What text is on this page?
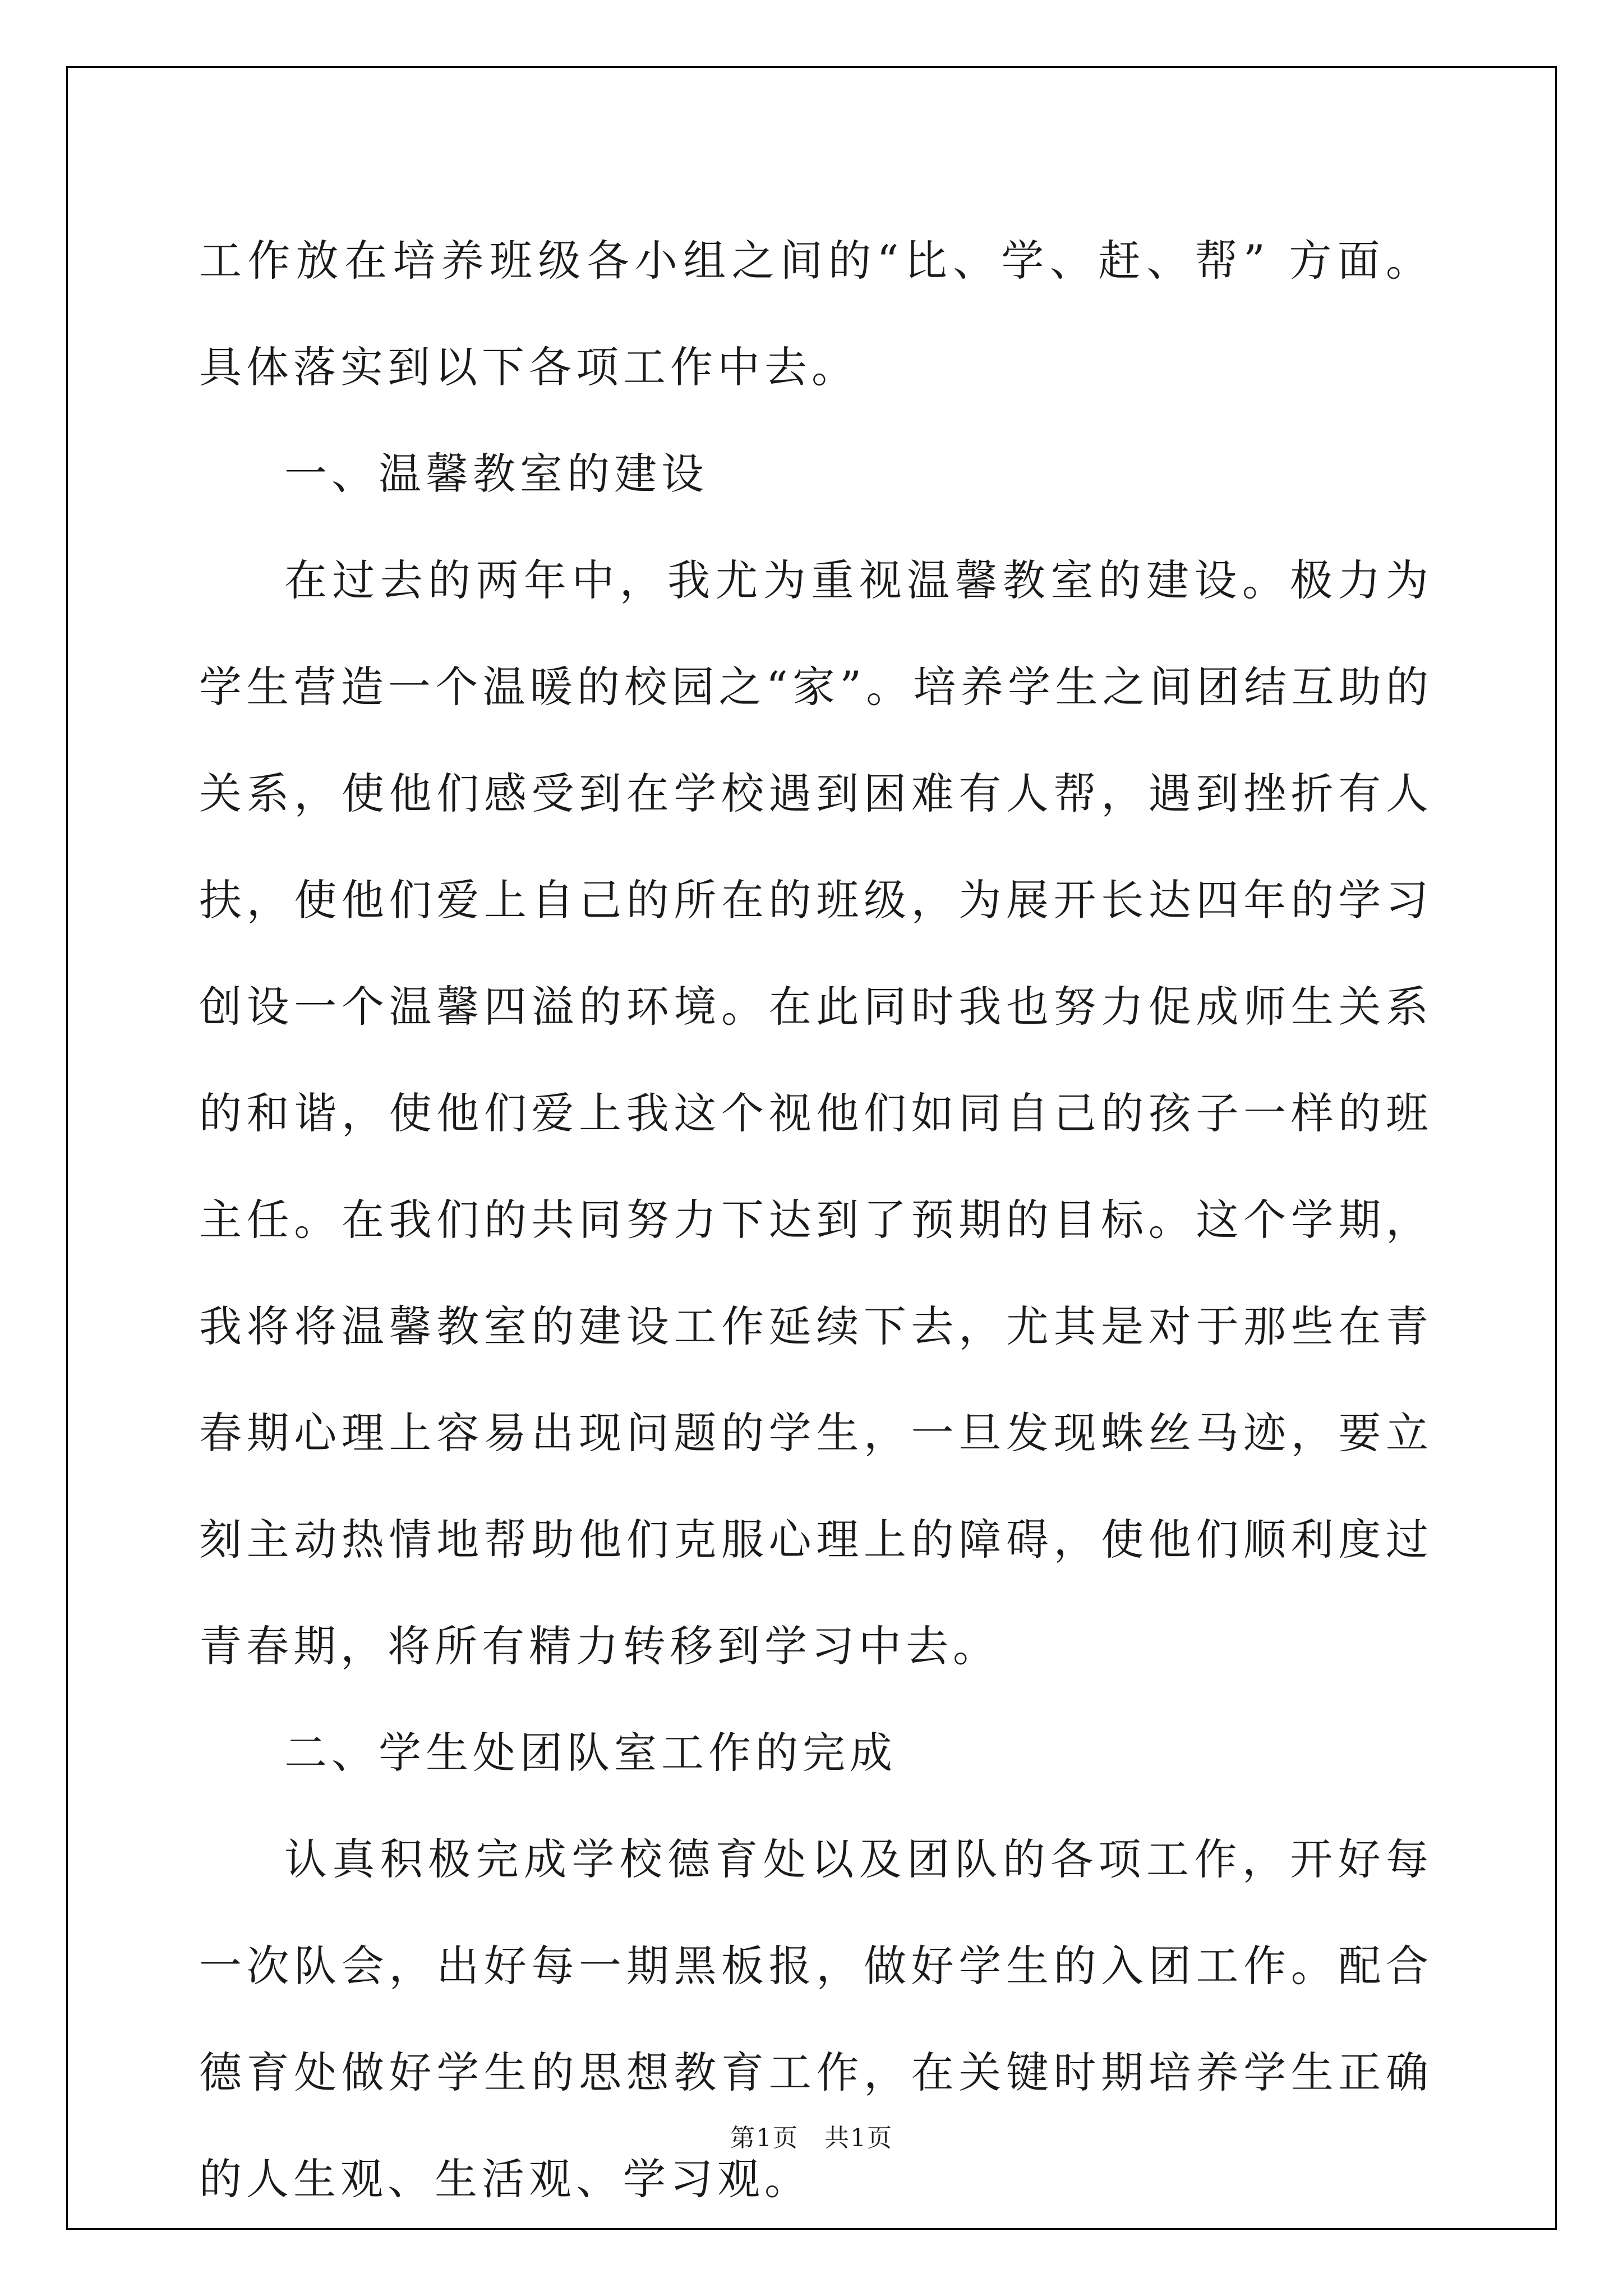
工作放在培养班级各小组之间的“比、学、赶、帮” 方面。具体落实到以下各项工作中去。

一、温馨教室的建设

在过去的两年中，我尤为重视温馨教室的建设。极力为学生营造一个温暖的校园之“家”。培养学生之间团结互助的关系，使他们感受到在学校遇到困难有人帮，遇到挫折有人扶，使他们爱上自己的所在的班级，为展开长达四年的学习创设一个温馨四溢的环境。在此同时我也努力促成师生关系的和谐，使他们爱上我这个视他们如同自己的孩子一样的班主任。在我们的共同努力下达到了预期的目标。这个学期，我将将温馨教室的建设工作延续下去，尤其是对于那些在青春期心理上容易出现问题的学生，一旦发现蛛丝马迹，要立刻主动热情地帮助他们克服心理上的障碍，使他们顺利度过青春期，将所有精力转移到学习中去。

二、学生处团队室工作的完成

认真积极完成学校德育处以及团队的各项工作，开好每一次队会，出好每一期黑板报，做好学生的入团工作。配合德育处做好学生的思想教育工作，在关键时期培养学生正确的人生观、生活观、学习观。

第1页　共1页
